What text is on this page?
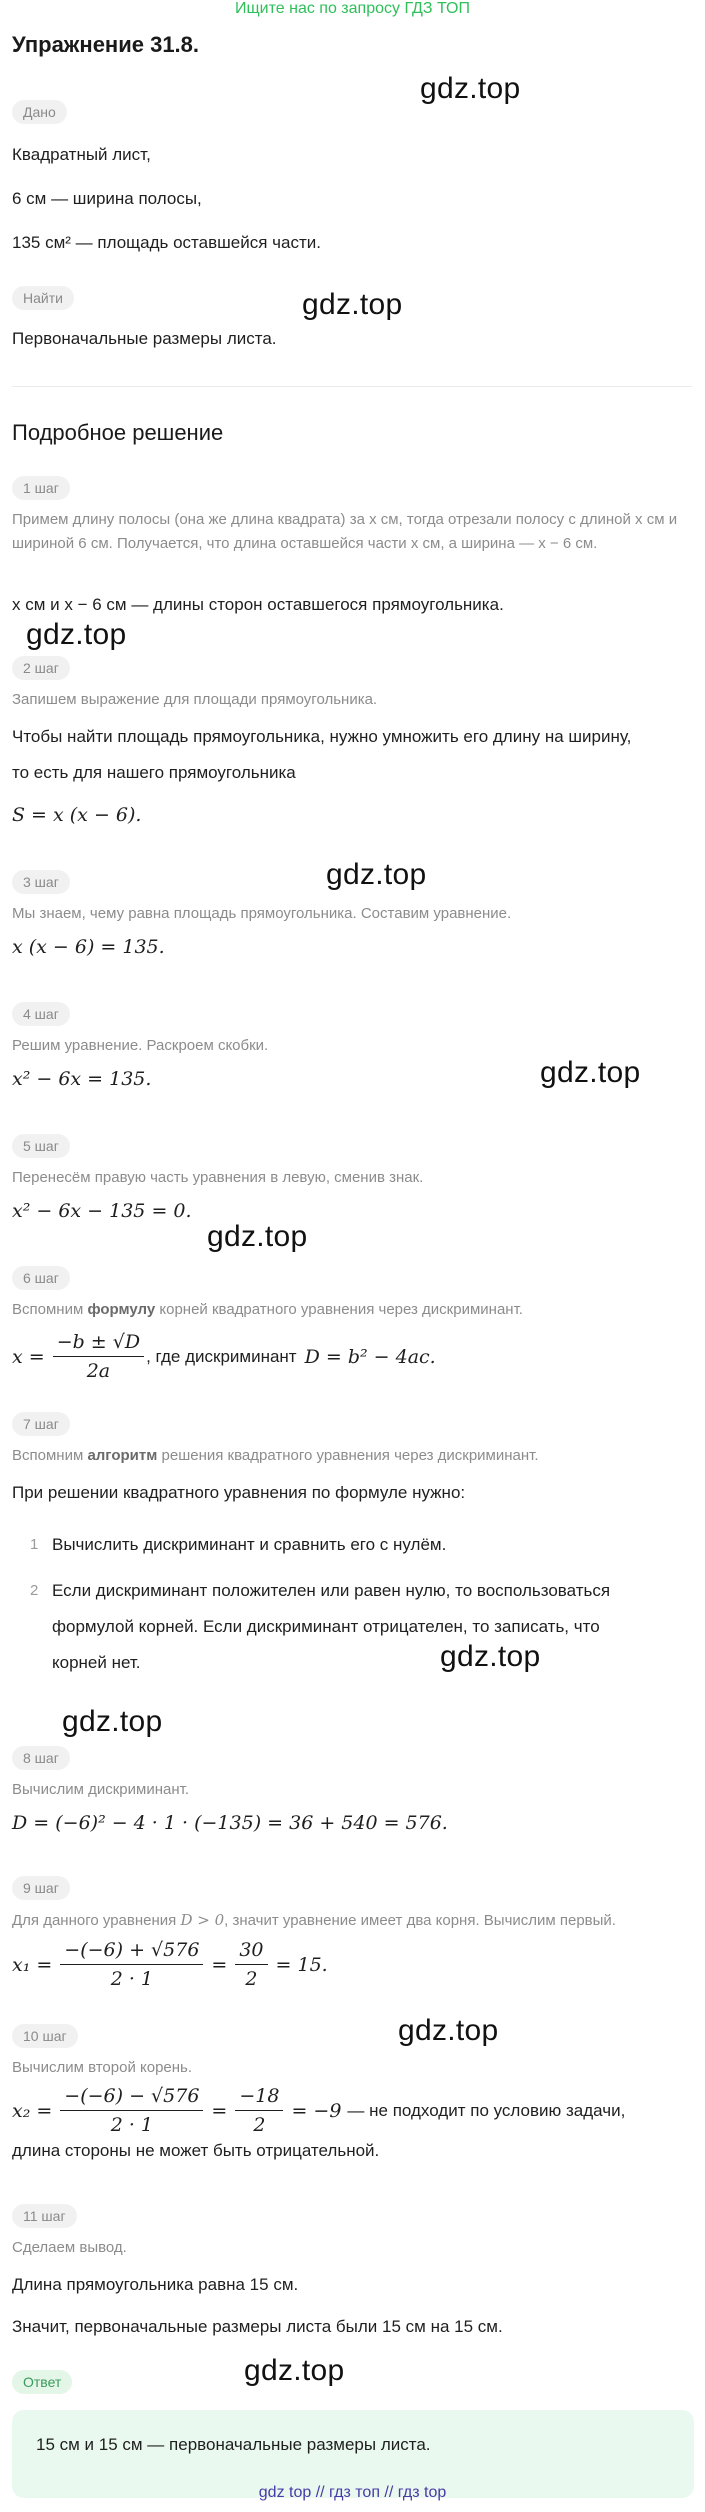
Ищите нас по запросу ГДЗ ТОП
Упражнение 31.8.
gdz.top
gdz.top
gdz.top
gdz.top
gdz.top
gdz.top
gdz.top
gdz.top
gdz.top
gdz.top
Дано
Квадратный лист,
6 см — ширина полосы,
135 см² — площадь оставшейся части.
Найти
Первоначальные размеры листа.
Подробное решение
1 шаг
Примем длину полосы (она же длина квадрата) за x см, тогда отрезали полосу с длиной x см и шириной 6 см. Получается, что длина оставшейся части x см, а ширина — x − 6 см.
x см и x − 6 см — длины сторон оставшегося прямоугольника.
2 шаг
Запишем выражение для площади прямоугольника.
Чтобы найти площадь прямоугольника, нужно умножить его длину на ширину,
то есть для нашего прямоугольника
S = x (x − 6).
3 шаг
Мы знаем, чему равна площадь прямоугольника. Составим уравнение.
x (x − 6) = 135.
4 шаг
Решим уравнение. Раскроем скобки.
x² − 6x = 135.
5 шаг
Перенесём правую часть уравнения в левую, сменив знак.
x² − 6x − 135 = 0.
6 шаг
Вспомним формулу корней квадратного уравнения через дискриминант.
$x = \frac{-b \pm √D}{2a}$ , где дискриминант D = b² − 4ac.
7 шаг
Вспомним алгоритм решения квадратного уравнения через дискриминант.
При решении квадратного уравнения по формуле нужно:
1 Вычислить дискриминант и сравнить его с нулём.
2 Если дискриминант положителен или равен нулю, то воспользоваться
формулой корней. Если дискриминант отрицателен, то записать, что
корней нет.
8 шаг
Вычислим дискриминант.
D = (−6)² − 4 · 1 · (−135) = 36 + 540 = 576.
9 шаг
Для данного уравнения D > 0, значит уравнение имеет два корня. Вычислим первый.
$x_1 = \frac{-(-6) + √576}{2 \cdot 1} = \frac{30}{2} = 15$.
10 шаг
Вычислим второй корень.
$x_2 = \frac{-(-6) - √576}{2 \cdot 1} = \frac{-18}{2} = -9$ — не подходит по условию задачи,
длина стороны не может быть отрицательной.
11 шаг
Сделаем вывод.
Длина прямоугольника равна 15 см.
Значит, первоначальные размеры листа были 15 см на 15 см.
Ответ
15 см и 15 см — первоначальные размеры листа.
gdz top // гдз топ // гдз top
